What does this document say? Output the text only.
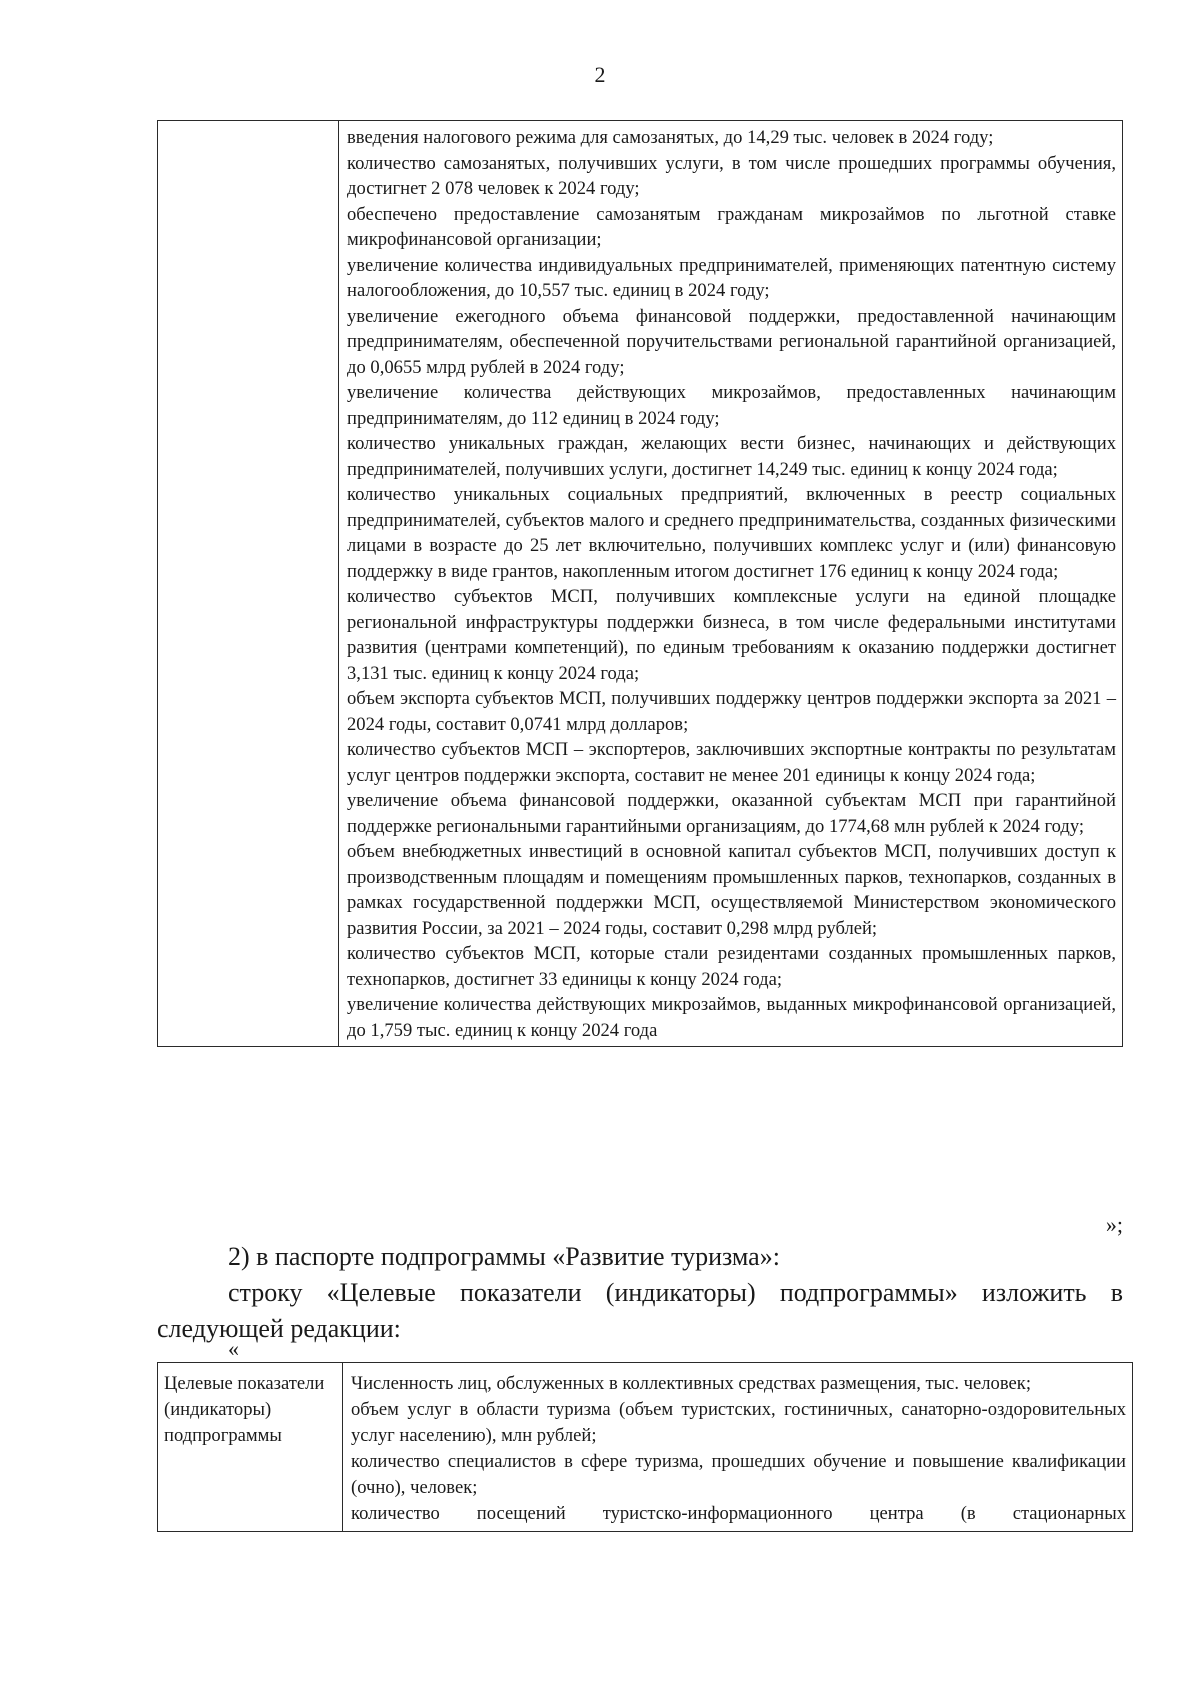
2

введения налогового режима для самозанятых, до 14,29 тыс. человек в 2024 году;
количество самозанятых, получивших услуги, в том числе прошедших программы обучения, достигнет 2 078 человек к 2024 году;
обеспечено предоставление самозанятым гражданам микрозаймов по льготной ставке микрофинансовой организации;
увеличение количества индивидуальных предпринимателей, применяющих патентную систему налогообложения, до 10,557 тыс. единиц в 2024 году;
увеличение ежегодного объема финансовой поддержки, предоставленной начинающим предпринимателям, обеспеченной поручительствами региональной гарантийной организацией, до 0,0655 млрд рублей в 2024 году;
увеличение количества действующих микрозаймов, предоставленных начинающим предпринимателям, до 112 единиц в 2024 году;
количество уникальных граждан, желающих вести бизнес, начинающих и действующих предпринимателей, получивших услуги, достигнет 14,249 тыс. единиц к концу 2024 года;
количество уникальных социальных предприятий, включенных в реестр социальных предпринимателей, субъектов малого и среднего предпринимательства, созданных физическими лицами в возрасте до 25 лет включительно, получивших комплекс услуг и (или) финансовую поддержку в виде грантов, накопленным итогом достигнет 176 единиц к концу 2024 года;
количество субъектов МСП, получивших комплексные услуги на единой площадке региональной инфраструктуры поддержки бизнеса, в том числе федеральными институтами развития (центрами компетенций), по единым требованиям к оказанию поддержки достигнет 3,131 тыс. единиц к концу 2024 года;
объем экспорта субъектов МСП, получивших поддержку центров поддержки экспорта за 2021 – 2024 годы, составит 0,0741 млрд долларов;
количество субъектов МСП – экспортеров, заключивших экспортные контракты по результатам услуг центров поддержки экспорта, составит не менее 201 единицы к концу 2024 года;
увеличение объема финансовой поддержки, оказанной субъектам МСП при гарантийной поддержке региональными гарантийными организациям, до 1774,68 млн рублей к 2024 году;
объем внебюджетных инвестиций в основной капитал субъектов МСП, получивших доступ к производственным площадям и помещениям промышленных парков, технопарков, созданных в рамках государственной поддержки МСП, осуществляемой Министерством экономического развития России, за 2021 – 2024 годы, составит 0,298 млрд рублей;
количество субъектов МСП, которые стали резидентами созданных промышленных парков, технопарков, достигнет 33 единицы к концу 2024 года;
увеличение количества действующих микрозаймов, выданных микрофинансовой организацией, до 1,759 тыс. единиц к концу 2024 года
»;
2) в паспорте подпрограммы «Развитие туризма»:
строку «Целевые показатели (индикаторы) подпрограммы» изложить в следующей редакции:
«
Целевые показатели (индикаторы) подпрограммы

Численность лиц, обслуженных в коллективных средствах размещения, тыс. человек;
объем услуг в области туризма (объем туристских, гостиничных, санаторно-оздоровительных услуг населению), млн рублей;
количество специалистов в сфере туризма, прошедших обучение и повышение квалификации (очно), человек;
количество посещений туристско-информационного центра (в стационарных
